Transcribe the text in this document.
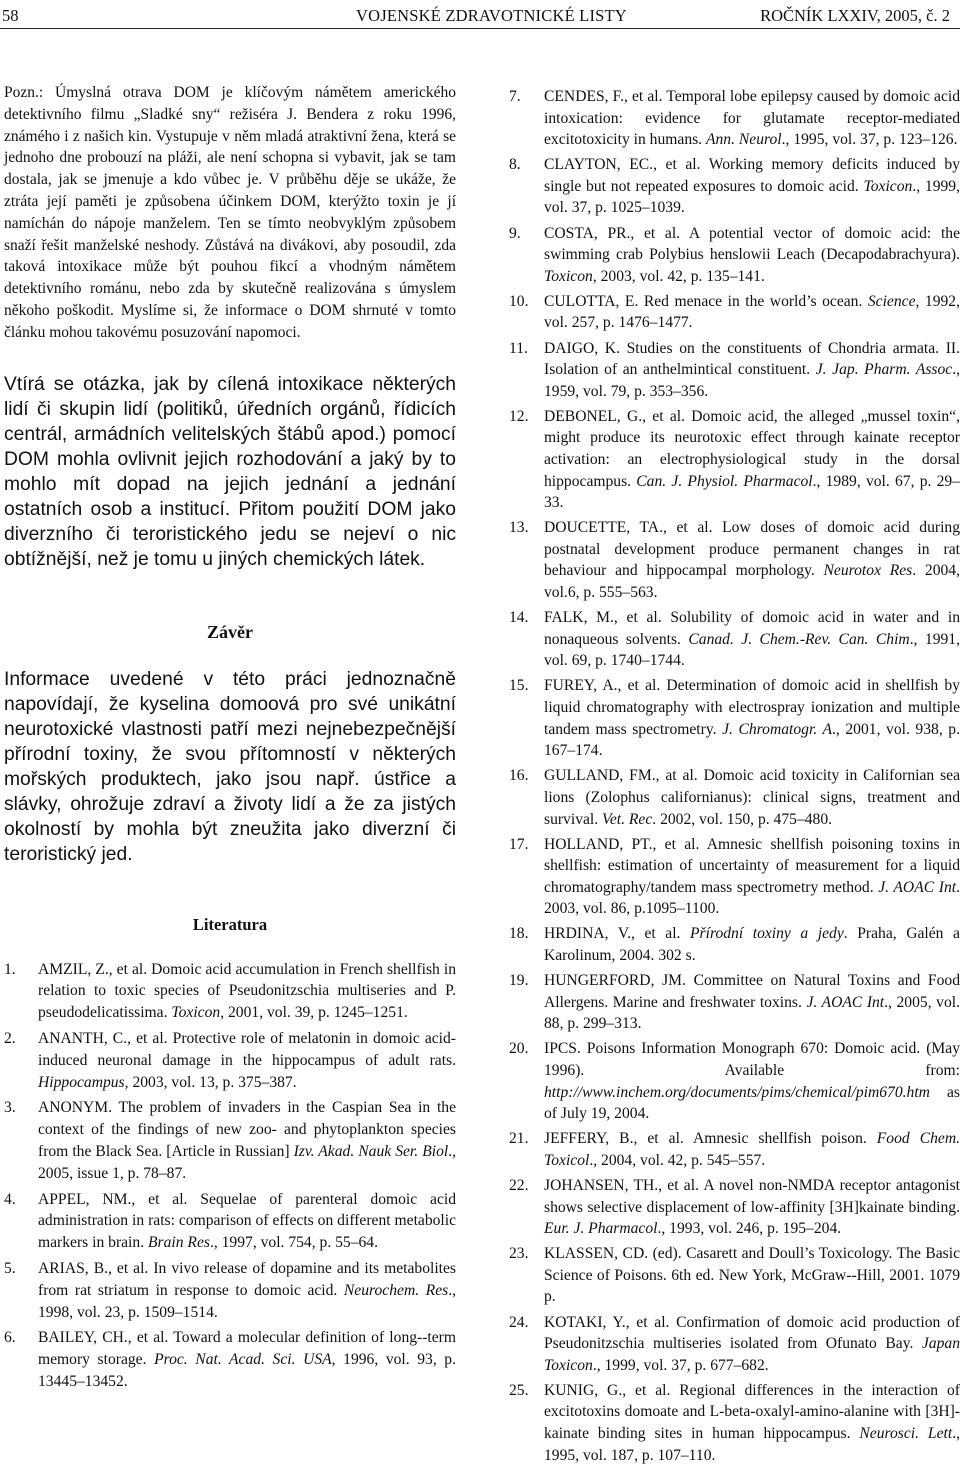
58	VOJENSKÉ ZDRAVOTNICKÉ LISTY	ROČNÍK LXXIV, 2005, č. 2

Pozn.: Úmyslná otrava DOM je klíčovým námětem amerického detektivního filmu „Sladké sny“ režiséra J. Bendera z roku 1996, známého i z našich kin. Vystupuje v něm mladá atraktivní žena, která se jednoho dne probouzí na pláži, ale není schopna si vybavit, jak se tam dostala, jak se jmenuje a kdo vůbec je. V průběhu děje se ukáže, že ztráta její paměti je způsobena účinkem DOM, kterýžto toxin je jí namíchán do nápoje manželem. Ten se tímto neobvyklým způsobem snaží řešit manželské neshody. Zůstává na divákovi, aby posoudil, zda taková intoxikace může být pouhou fikcí a vhodným námětem detektivního románu, nebo zda by skutečně realizována s úmyslem někoho poškodit. Myslíme si, že informace o DOM shrnuté v tomto článku mohou takovému posuzování napomoci.

Vtírá se otázka, jak by cílená intoxikace některých lidí či skupin lidí (politiků, úředních orgánů, řídicích centrál, armádních velitelských štábů apod.) pomocí DOM mohla ovlivnit jejich rozhodování a jaký by to mohlo mít dopad na jejich jednání a jednání ostatních osob a institucí. Přitom použití DOM jako diverzního či teroristického jedu se nejeví o nic obtížnější, než je tomu u jiných chemických látek.

Závěr

Informace uvedené v této práci jednoznačně napovídají, že kyselina domoová pro své unikátní neurotoxické vlastnosti patří mezi nejnebezpečnější přírodní toxiny, že svou přítomností v některých mořských produktech, jako jsou např. ústřice a slávky, ohrožuje zdraví a životy lidí a že za jistých okolností by mohla být zneužita jako diverzní či teroristický jed.

Literatura
1. AMZIL, Z., et al. Domoic acid accumulation in French shellfish in relation to toxic species of Pseudonitzschia multiseries and P. pseudodelicatissima. Toxicon, 2001, vol. 39, p. 1245–1251.
2. ANANTH, C., et al. Protective role of melatonin in domoic acid-induced neuronal damage in the hippocampus of adult rats. Hippocampus, 2003, vol. 13, p. 375–387.
3. ANONYM. The problem of invaders in the Caspian Sea in the context of the findings of new zoo- and phytoplankton species from the Black Sea. [Article in Russian] Izv. Akad. Nauk Ser. Biol., 2005, issue 1, p. 78–87.
4. APPEL, NM., et al. Sequelae of parenteral domoic acid administration in rats: comparison of effects on different metabolic markers in brain. Brain Res., 1997, vol. 754, p. 55–64.
5. ARIAS, B., et al. In vivo release of dopamine and its metabolites from rat striatum in response to domoic acid. Neurochem. Res., 1998, vol. 23, p. 1509–1514.
6. BAILEY, CH., et al. Toward a molecular definition of long--term memory storage. Proc. Nat. Acad. Sci. USA, 1996, vol. 93, p. 13445–13452.
7. CENDES, F., et al. Temporal lobe epilepsy caused by domoic acid intoxication: evidence for glutamate receptor-mediated excitotoxicity in humans. Ann. Neurol., 1995, vol. 37, p. 123–126.
8. CLAYTON, EC., et al. Working memory deficits induced by single but not repeated exposures to domoic acid. Toxicon., 1999, vol. 37, p. 1025–1039.
9. COSTA, PR., et al. A potential vector of domoic acid: the swimming crab Polybius henslowii Leach (Decapodabrachyura). Toxicon, 2003, vol. 42, p. 135–141.
10. CULOTTA, E. Red menace in the world’s ocean. Science, 1992, vol. 257, p. 1476–1477.
11. DAIGO, K. Studies on the constituents of Chondria armata. II. Isolation of an anthelmintical constituent. J. Jap. Pharm. Assoc., 1959, vol. 79, p. 353–356.
12. DEBONEL, G., et al. Domoic acid, the alleged „mussel toxin“, might produce its neurotoxic effect through kainate receptor activation: an electrophysiological study in the dorsal hippocampus. Can. J. Physiol. Pharmacol., 1989, vol. 67, p. 29–33.
13. DOUCETTE, TA., et al. Low doses of domoic acid during postnatal development produce permanent changes in rat behaviour and hippocampal morphology. Neurotox Res. 2004, vol.6, p. 555–563.
14. FALK, M., et al. Solubility of domoic acid in water and in nonaqueous solvents. Canad. J. Chem.-Rev. Can. Chim., 1991, vol. 69, p. 1740–1744.
15. FUREY, A., et al. Determination of domoic acid in shellfish by liquid chromatography with electrospray ionization and multiple tandem mass spectrometry. J. Chromatogr. A., 2001, vol. 938, p. 167–174.
16. GULLAND, FM., at al. Domoic acid toxicity in Californian sea lions (Zolophus californianus): clinical signs, treatment and survival. Vet. Rec. 2002, vol. 150, p. 475–480.
17. HOLLAND, PT., et al. Amnesic shellfish poisoning toxins in shellfish: estimation of uncertainty of measurement for a liquid chromatography/tandem mass spectrometry method. J. AOAC Int. 2003, vol. 86, p.1095–1100.
18. HRDINA, V., et al. Přírodní toxiny a jedy. Praha, Galén a Karolinum, 2004. 302 s.
19. HUNGERFORD, JM. Committee on Natural Toxins and Food Allergens. Marine and freshwater toxins. J. AOAC Int., 2005, vol. 88, p. 299–313.
20. IPCS. Poisons Information Monograph 670: Domoic acid. (May 1996). Available from: http://www.inchem.org/documents/pims/chemical/pim670.htm as of July 19, 2004.
21. JEFFERY, B., et al. Amnesic shellfish poison. Food Chem. Toxicol., 2004, vol. 42, p. 545–557.
22. JOHANSEN, TH., et al. A novel non-NMDA receptor antagonist shows selective displacement of low-affinity [3H]kainate binding. Eur. J. Pharmacol., 1993, vol. 246, p. 195–204.
23. KLASSEN, CD. (ed). Casarett and Doull’s Toxicology. The Basic Science of Poisons. 6th ed. New York, McGraw--Hill, 2001. 1079 p.
24. KOTAKI, Y., et al. Confirmation of domoic acid production of Pseudonitzschia multiseries isolated from Ofunato Bay. Japan Toxicon., 1999, vol. 37, p. 677–682.
25. KUNIG, G., et al. Regional differences in the interaction of excitotoxins domoate and L-beta-oxalyl-amino-alanine with [3H]-kainate binding sites in human hippocampus. Neurosci. Lett., 1995, vol. 187, p. 107–110.
